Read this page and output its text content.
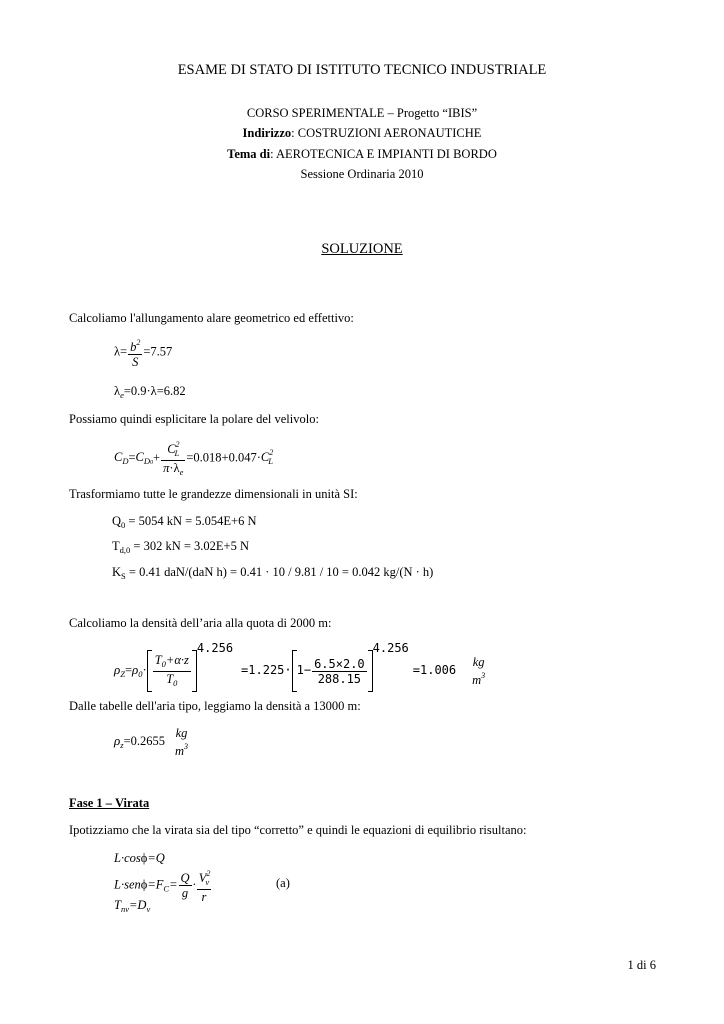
ESAME DI STATO DI ISTITUTO TECNICO INDUSTRIALE
CORSO SPERIMENTALE – Progetto “IBIS”
Indirizzo: COSTRUZIONI AERONAUTICHE
Tema di: AEROTECNICA E IMPIANTI DI BORDO
Sessione Ordinaria 2010
SOLUZIONE
Calcoliamo l'allungamento alare geometrico ed effettivo:
$\lambda= \frac{b^2}{S} =7.57$
$\lambda_e=0.9\cdot\lambda=6.82$
Possiamo quindi esplicitare la polare del velivolo:
$C_D=C_{D0}+ \frac{C^2_L}{\pi\cdot\lambda_e} =0.018+0.047\cdot C^2_L$
Trasformiamo tutte le grandezze dimensionali in unità SI:
$Q_0 = 5054$ kN = 5.054E+6 N
$T_{d,0} = 302$ kN = 3.02E+5 N
$K_S = 0.41$ daN/(daN h) = 0.41 · 10 / 9.81 / 10 = 0.042 kg/(N · h)
Calcoliamo la densità dell’aria alla quota di 2000 m:
$\rho_Z=\rho_0\cdot \frac{T_0+\alpha\cdot z}{T_0}$
$4.256=1.225\cdot 1- \frac{6.5\times 2.0}{288.15}$
4.256=1.006
kg
$m^3$
Dalle tabelle dell'aria tipo, leggiamo la densità a 13000 m:
$\rho_z=0.2655$
kg
$m^3$
Fase 1 – Virata
Ipotizziamo che la virata sia del tipo “corretto” e quindi le equazioni di equilibrio risultano:
L·cosϕ=Q
$L\cdot sen\phi=F_C= \frac{Q}{g} \cdot \frac{V^2_v}{r}$	(a)
$T_{nv}=D_v$
1 di 6
